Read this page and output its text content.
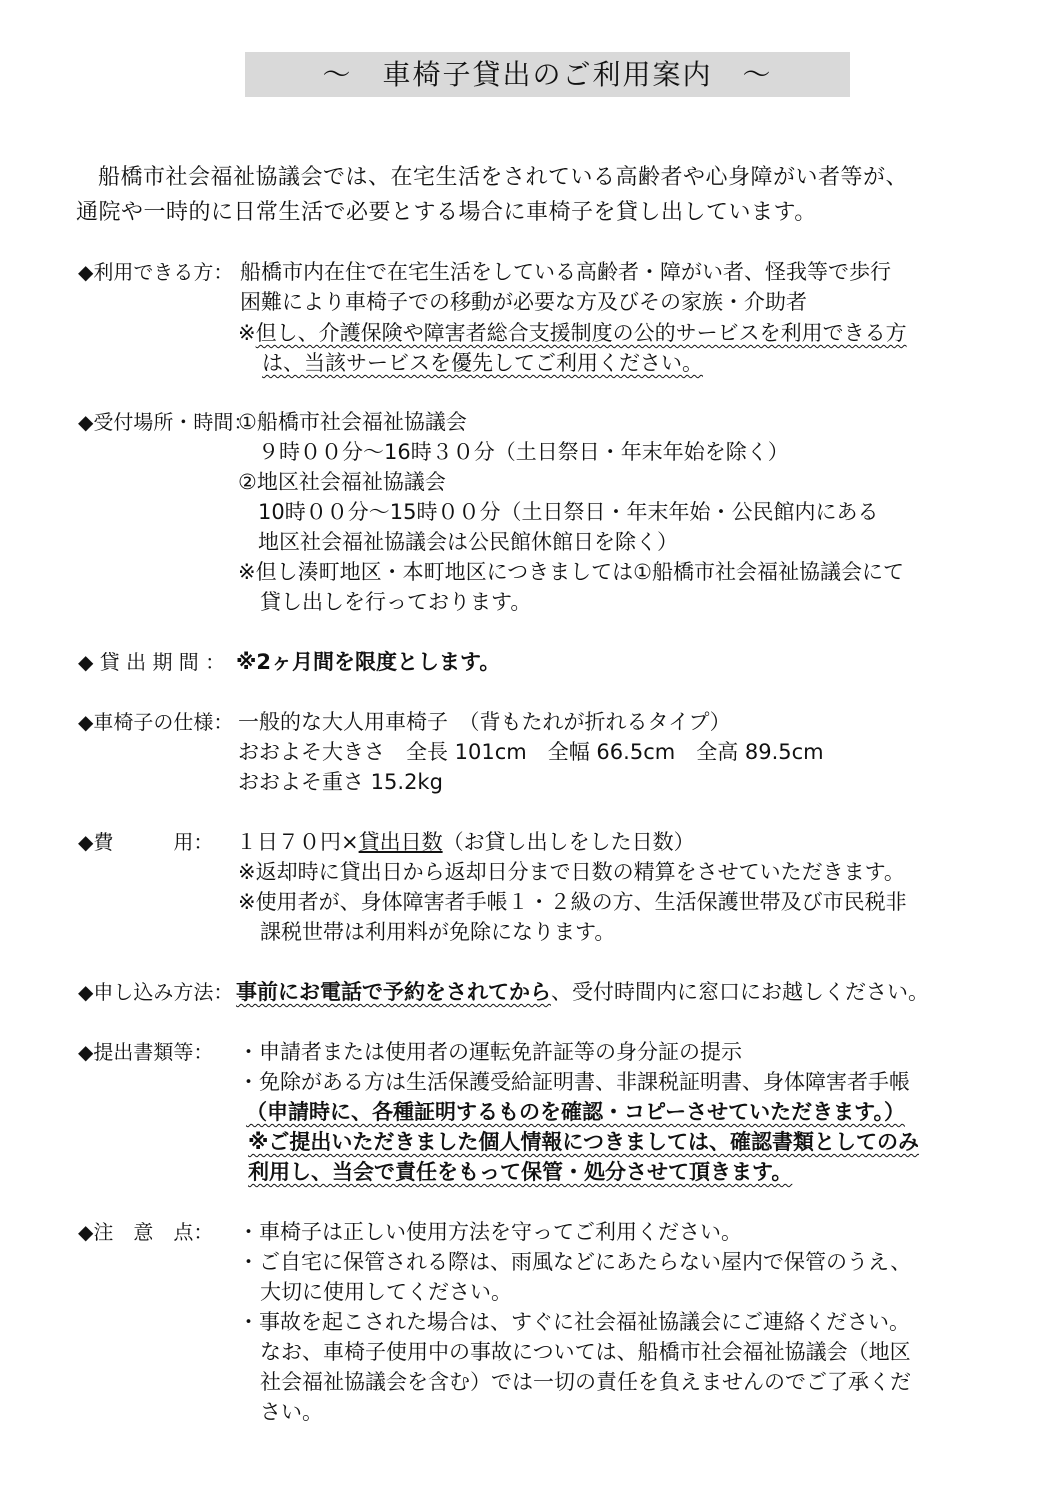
～　車椅子貸出のご利用案内　～
船橋市社会福祉協議会では、在宅生活をされている高齢者や心身障がい者等が、
通院や一時的に日常生活で必要とする場合に車椅子を貸し出しています。
◆利用できる方： 船橋市内在住で在宅生活をしている高齢者・障がい者、怪我等で歩行
困難により車椅子での移動が必要な方及びその家族・介助者
※但し、介護保険や障害者総合支援制度の公的サービスを利用できる方
は、当該サービスを優先してご利用ください。
◆受付場所・時間：
①船橋市社会福祉協議会
９時００分～16時３０分（土日祭日・年末年始を除く）
②地区社会福祉協議会
10時００分～15時００分（土日祭日・年末年始・公民館内にある
地区社会福祉協議会は公民館休館日を除く）
※但し湊町地区・本町地区につきましては①船橋市社会福祉協議会にて
貸し出しを行っております。
◆ 貸 出 期 間 ： ※2ヶ月間を限度とします。
◆車椅子の仕様： 一般的な大人用車椅子　（背もたれが折れるタイプ）
おおよそ大きさ　全長 101cm　全幅 66.5cm　全高 89.5cm
おおよそ重さ 15.2kg
◆費　　　用： １日７０円×貸出日数（お貸し出しをした日数）
※返却時に貸出日から返却日分まで日数の精算をさせていただきます。
※使用者が、身体障害者手帳１・２級の方、生活保護世帯及び市民税非
課税世帯は利用料が免除になります。
◆申し込み方法： 事前にお電話で予約をされてから、受付時間内に窓口にお越しください。
◆提出書類等： ・申請者または使用者の運転免許証等の身分証の提示
・免除がある方は生活保護受給証明書、非課税証明書、身体障害者手帳
（申請時に、各種証明するものを確認・コピーさせていただきます。）
※ご提出いただきました個人情報につきましては、確認書類としてのみ
利用し、当会で責任をもって保管・処分させて頂きます。
◆注　意　点： ・車椅子は正しい使用方法を守ってご利用ください。
・ご自宅に保管される際は、雨風などにあたらない屋内で保管のうえ、
大切に使用してください。
・事故を起こされた場合は、すぐに社会福祉協議会にご連絡ください。
なお、車椅子使用中の事故については、船橋市社会福祉協議会（地区
社会福祉協議会を含む）では一切の責任を負えませんのでご了承くだ
さい。
